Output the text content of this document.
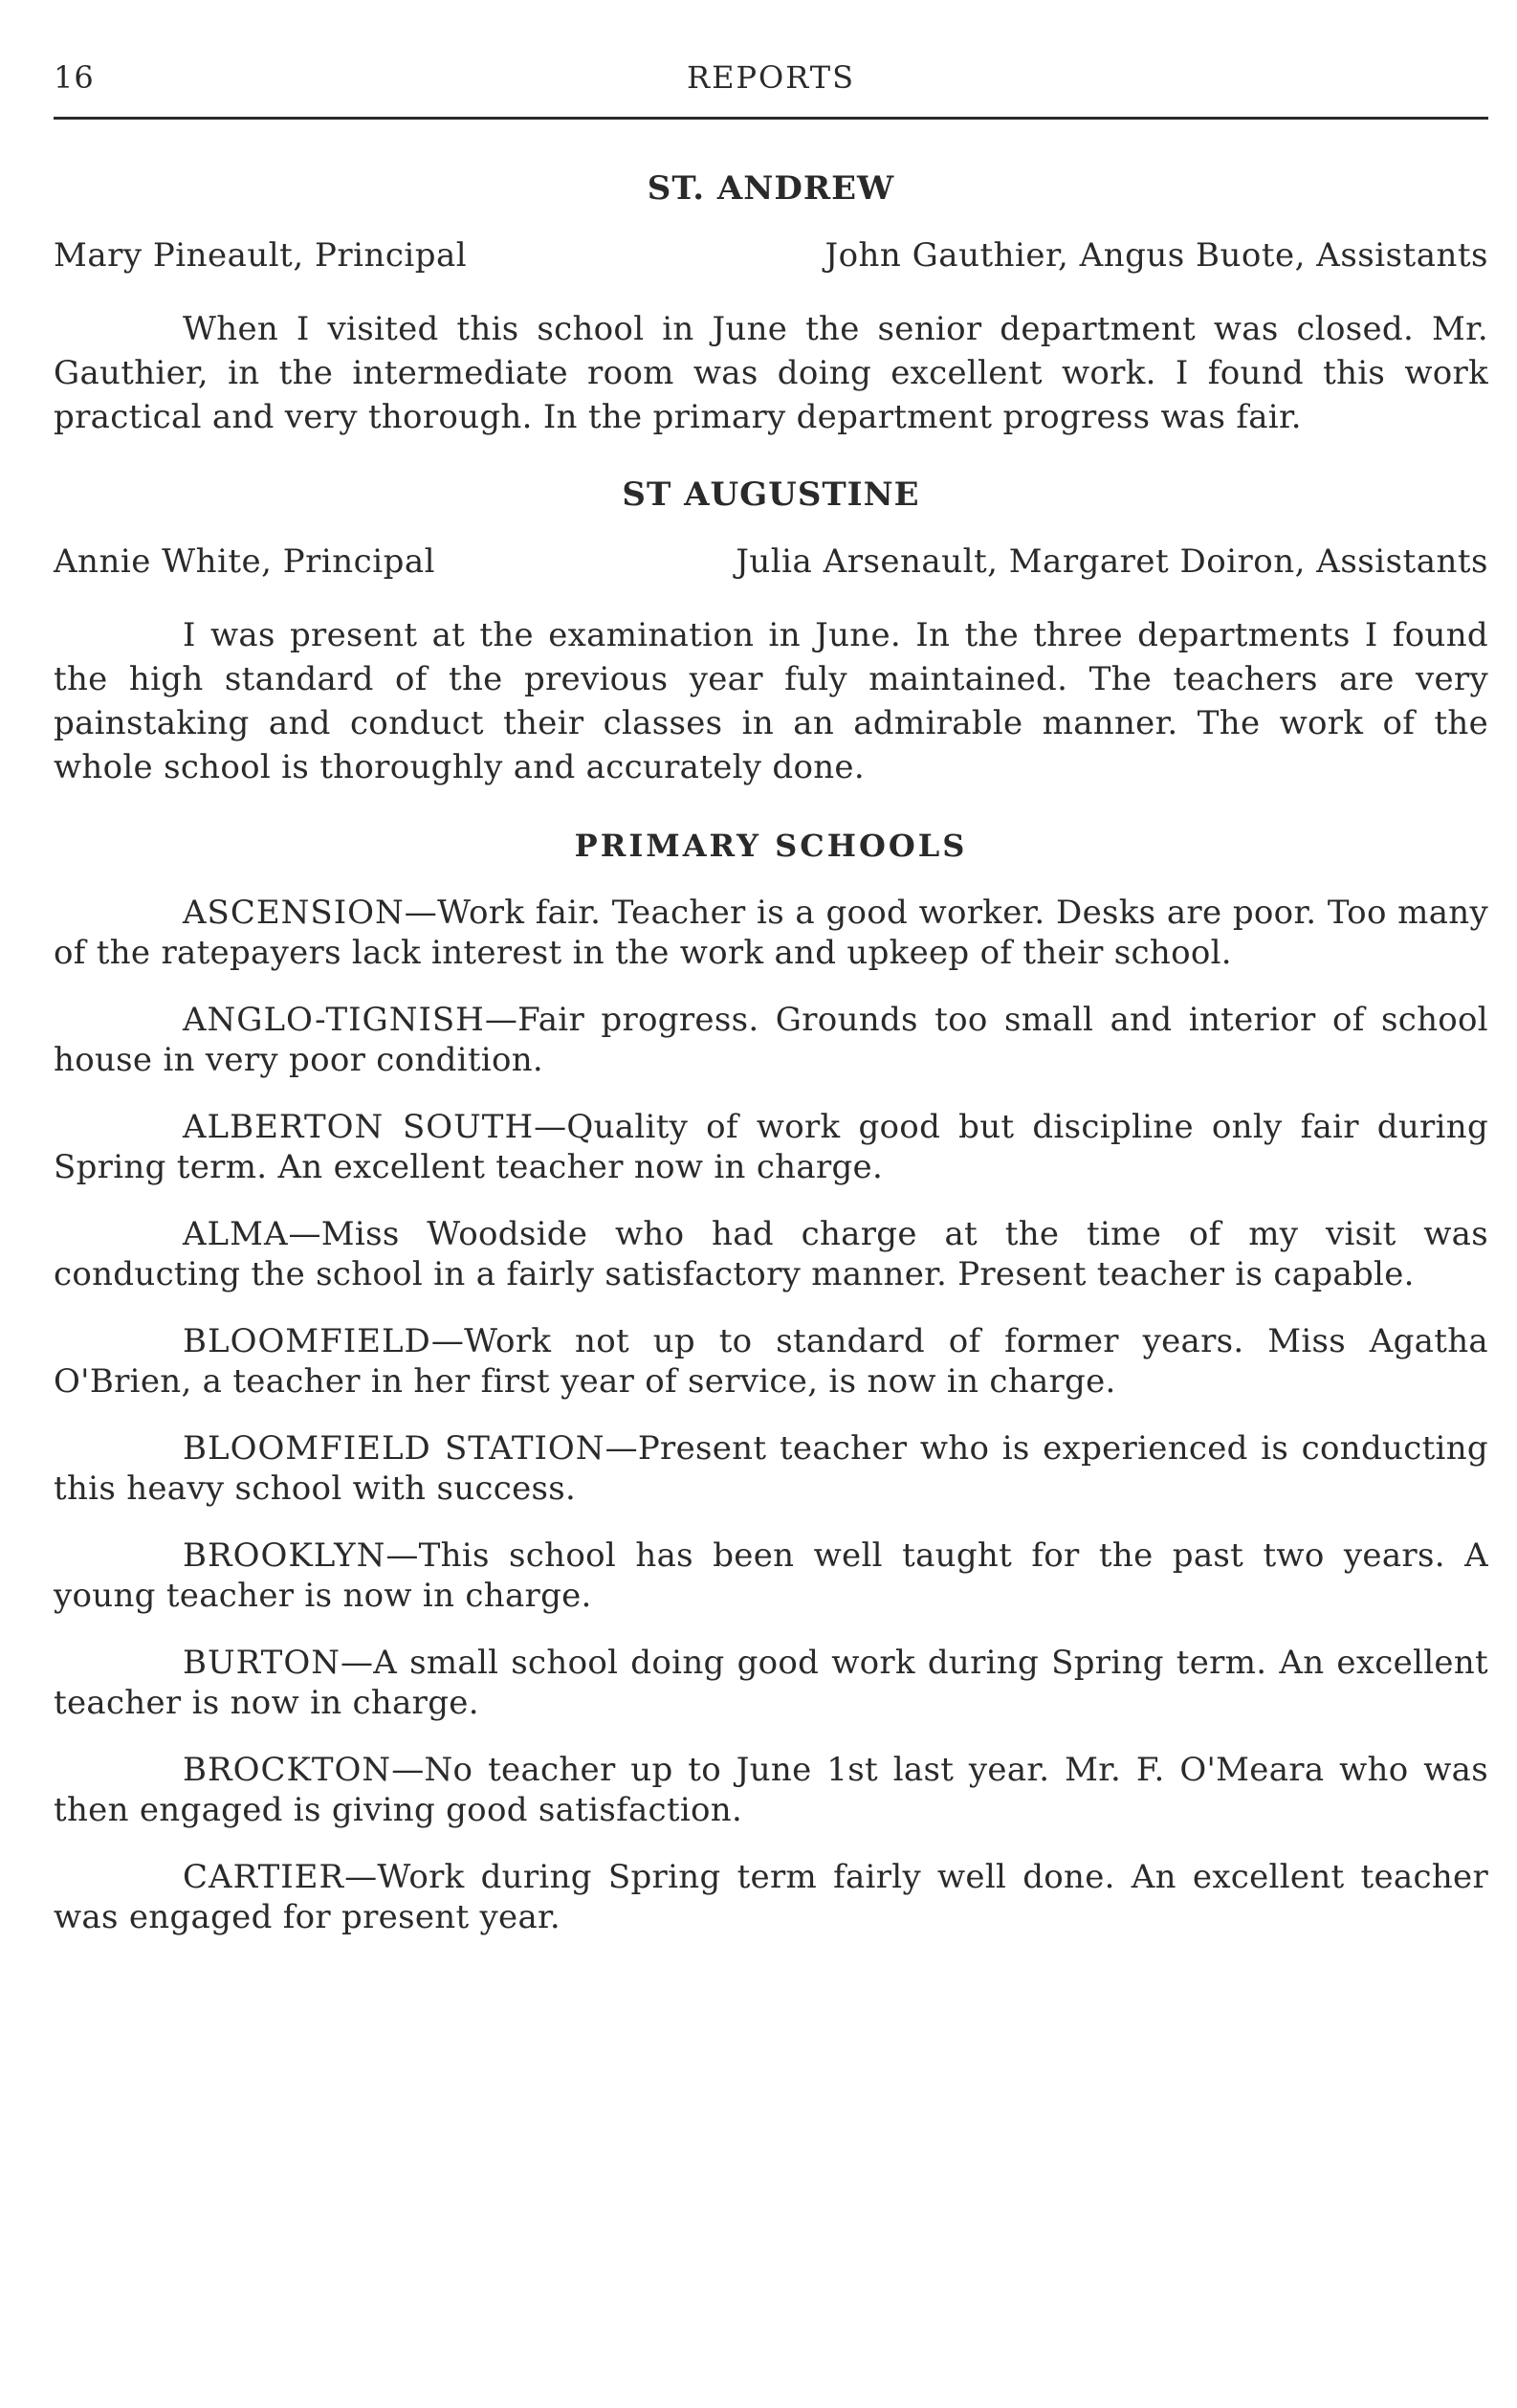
16	REPORTS
ST. ANDREW
Mary Pineault, Principal	John Gauthier, Angus Buote, Assistants

When I visited this school in June the senior department was closed. Mr. Gauthier, in the intermediate room was doing excellent work. I found this work practical and very thorough. In the primary department progress was fair.

ST AUGUSTINE
Annie White, Principal	Julia Arsenault, Margaret Doiron, Assistants

I was present at the examination in June. In the three departments I found the high standard of the previous year fuly maintained. The teachers are very painstaking and conduct their classes in an admirable manner. The work of the whole school is thoroughly and accurately done.

PRIMARY SCHOOLS

ASCENSION—Work fair. Teacher is a good worker. Desks are poor. Too many of the ratepayers lack interest in the work and upkeep of their school.

ANGLO-TIGNISH—Fair progress. Grounds too small and interior of school house in very poor condition.

ALBERTON SOUTH—Quality of work good but discipline only fair during Spring term. An excellent teacher now in charge.

ALMA—Miss Woodside who had charge at the time of my visit was conducting the school in a fairly satisfactory manner. Present teacher is capable.

BLOOMFIELD—Work not up to standard of former years. Miss Agatha O'Brien, a teacher in her first year of service, is now in charge.

BLOOMFIELD STATION—Present teacher who is experienced is conducting this heavy school with success.

BROOKLYN—This school has been well taught for the past two years. A young teacher is now in charge.

BURTON—A small school doing good work during Spring term. An excellent teacher is now in charge.

BROCKTON—No teacher up to June 1st last year. Mr. F. O'Meara who was then engaged is giving good satisfaction.

CARTIER—Work during Spring term fairly well done. An excellent teacher was engaged for present year.
